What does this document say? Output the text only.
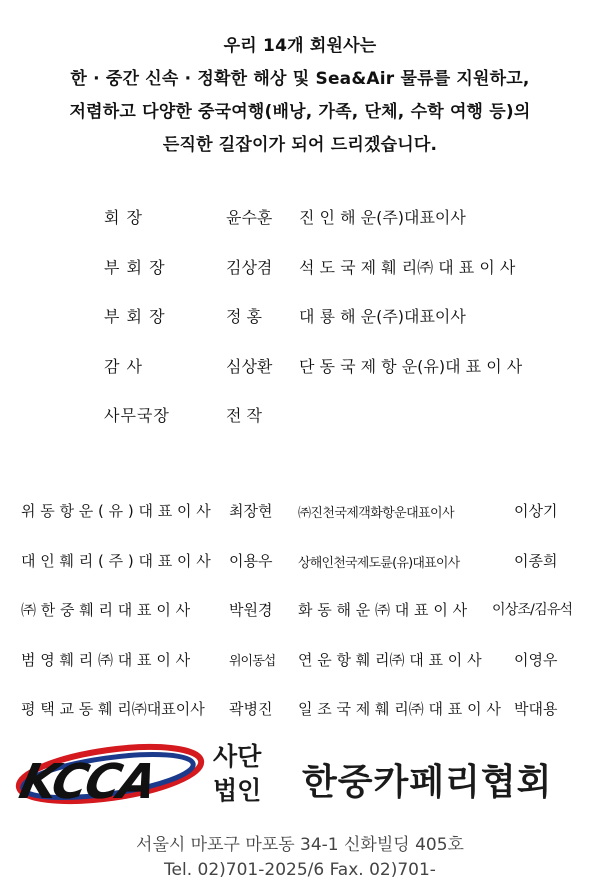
우리 14개 회원사는
한 · 중간 신속 · 정확한 해상 및 Sea&Air 물류를 지원하고,
저렴하고 다양한 중국여행(배낭, 가족, 단체, 수학 여행 등)의
든직한 길잡이가 되어 드리겠습니다.
회 장	윤수훈 진 인 해 운(주)대표이사
부 회 장	김상겸 석 도 국 제 훼 리㈜ 대 표 이 사
부 회 장	정 홍 대 룡 해 운(주)대표이사
감 사	심상환 단 동 국 제 항 운(유)대 표 이 사
사무국장	전 작
위 동 항 운 ( 유 ) 대 표 이 사 최장현 ㈜진천국제객화항운대표이사	이상기
대 인 훼 리 ( 주 ) 대 표 이 사 이용우 상해인천국제도륜(유)대표이사	이종희
㈜ 한 중 훼 리 대 표 이 사	박원경 화 동 해 운 ㈜ 대 표 이 사 이상조/김유석
범 영 훼 리 ㈜ 대 표 이 사	위이동섭 연 운 항 훼 리㈜ 대 표 이 사 이영우
평 택 교 동 훼 리㈜대표이사 곽병진 일 조 국 제 훼 리㈜ 대 표 이 사 박대용
KCCA 사단
법인 한중카페리협회
서울시 마포구 마포동 34-1 신화빌딩 405호
Tel. 02)701-2025/6 Fax. 02)701-
